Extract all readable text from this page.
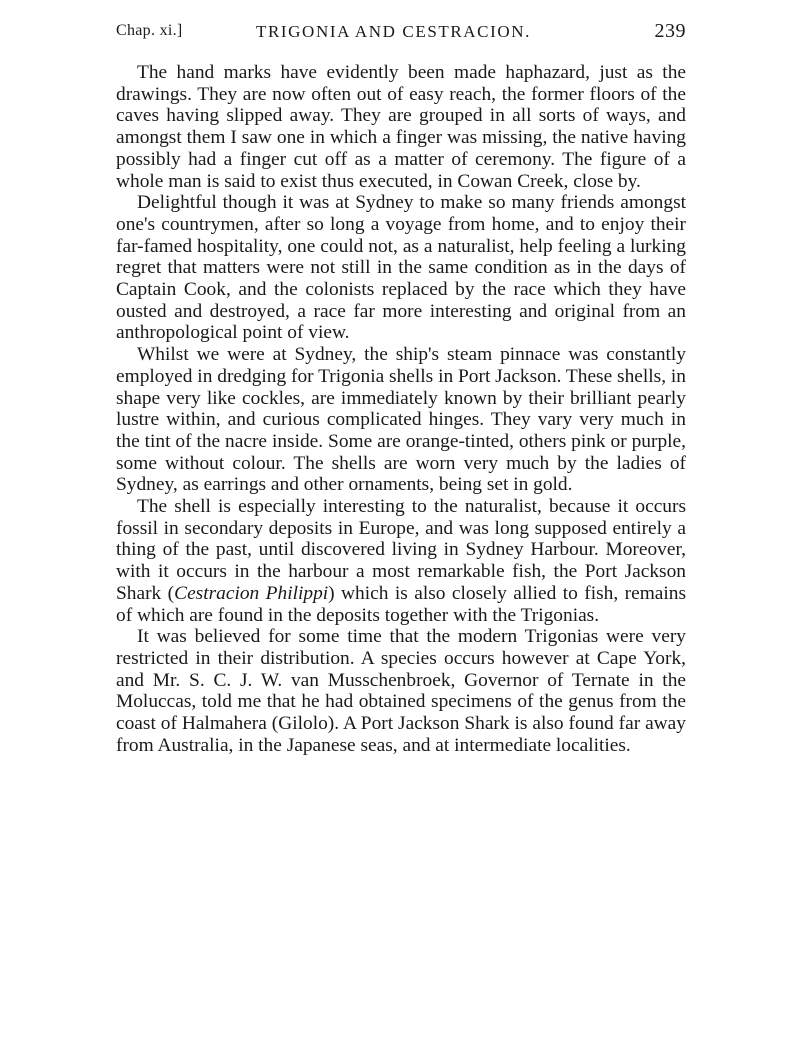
Chap. xi.]	TRIGONIA AND CESTRACION.	239

The hand marks have evidently been made haphazard, just as the drawings. They are now often out of easy reach, the former floors of the caves having slipped away. They are grouped in all sorts of ways, and amongst them I saw one in which a finger was missing, the native having possibly had a finger cut off as a matter of ceremony. The figure of a whole man is said to exist thus executed, in Cowan Creek, close by.

Delightful though it was at Sydney to make so many friends amongst one's countrymen, after so long a voyage from home, and to enjoy their far-famed hospitality, one could not, as a naturalist, help feeling a lurking regret that matters were not still in the same condition as in the days of Captain Cook, and the colonists replaced by the race which they have ousted and destroyed, a race far more interesting and original from an anthropological point of view.

Whilst we were at Sydney, the ship's steam pinnace was constantly employed in dredging for Trigonia shells in Port Jackson. These shells, in shape very like cockles, are immediately known by their brilliant pearly lustre within, and curious complicated hinges. They vary very much in the tint of the nacre inside. Some are orange-tinted, others pink or purple, some without colour. The shells are worn very much by the ladies of Sydney, as earrings and other ornaments, being set in gold.

The shell is especially interesting to the naturalist, because it occurs fossil in secondary deposits in Europe, and was long supposed entirely a thing of the past, until discovered living in Sydney Harbour. Moreover, with it occurs in the harbour a most remarkable fish, the Port Jackson Shark (Cestracion Philippi) which is also closely allied to fish, remains of which are found in the deposits together with the Trigonias.

It was believed for some time that the modern Trigonias were very restricted in their distribution. A species occurs however at Cape York, and Mr. S. C. J. W. van Musschenbroek, Governor of Ternate in the Moluccas, told me that he had obtained specimens of the genus from the coast of Halmahera (Gilolo). A Port Jackson Shark is also found far away from Australia, in the Japanese seas, and at intermediate localities.
